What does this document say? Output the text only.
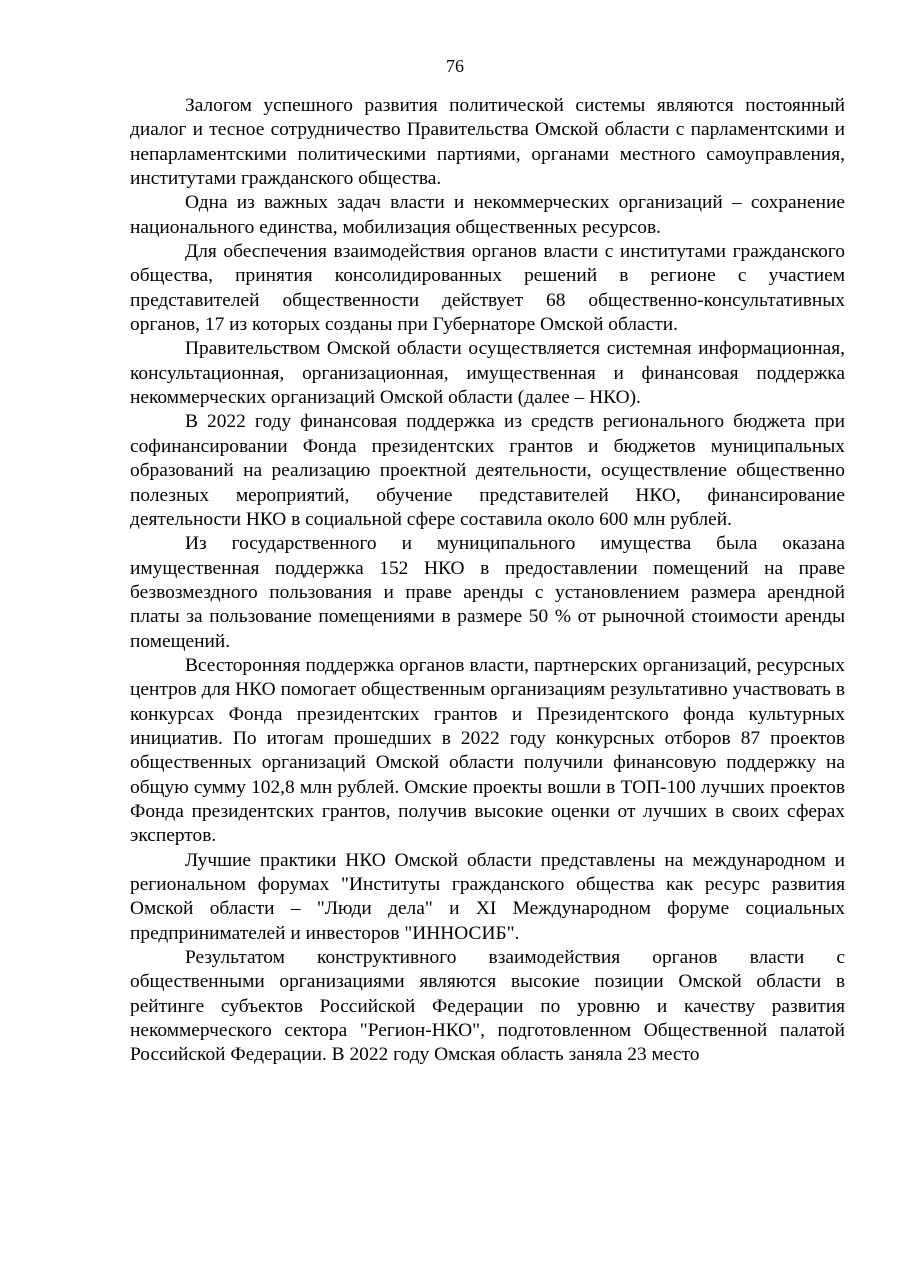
76

Залогом успешного развития политической системы являются постоянный диалог и тесное сотрудничество Правительства Омской области с парламентскими и непарламентскими политическими партиями, органами местного самоуправления, институтами гражданского общества.

Одна из важных задач власти и некоммерческих организаций – сохранение национального единства, мобилизация общественных ресурсов.

Для обеспечения взаимодействия органов власти с институтами гражданского общества, принятия консолидированных решений в регионе с участием представителей общественности действует 68 общественно-консультативных органов, 17 из которых созданы при Губернаторе Омской области.

Правительством Омской области осуществляется системная информационная, консультационная, организационная, имущественная и финансовая поддержка некоммерческих организаций Омской области (далее – НКО).

В 2022 году финансовая поддержка из средств регионального бюджета при софинансировании Фонда президентских грантов и бюджетов муниципальных образований на реализацию проектной деятельности, осуществление общественно полезных мероприятий, обучение представителей НКО, финансирование деятельности НКО в социальной сфере составила около 600 млн рублей.

Из государственного и муниципального имущества была оказана имущественная поддержка 152 НКО в предоставлении помещений на праве безвозмездного пользования и праве аренды с установлением размера арендной платы за пользование помещениями в размере 50 % от рыночной стоимости аренды помещений.

Всесторонняя поддержка органов власти, партнерских организаций, ресурсных центров для НКО помогает общественным организациям результативно участвовать в конкурсах Фонда президентских грантов и Президентского фонда культурных инициатив. По итогам прошедших в 2022 году конкурсных отборов 87 проектов общественных организаций Омской области получили финансовую поддержку на общую сумму 102,8 млн рублей. Омские проекты вошли в ТОП-100 лучших проектов Фонда президентских грантов, получив высокие оценки от лучших в своих сферах экспертов.

Лучшие практики НКО Омской области представлены на международном и региональном форумах "Институты гражданского общества как ресурс развития Омской области – "Люди дела" и XI Международном форуме социальных предпринимателей и инвесторов "ИННОСИБ".

Результатом конструктивного взаимодействия органов власти с общественными организациями являются высокие позиции Омской области в рейтинге субъектов Российской Федерации по уровню и качеству развития некоммерческого сектора "Регион-НКО", подготовленном Общественной палатой Российской Федерации. В 2022 году Омская область заняла 23 место
